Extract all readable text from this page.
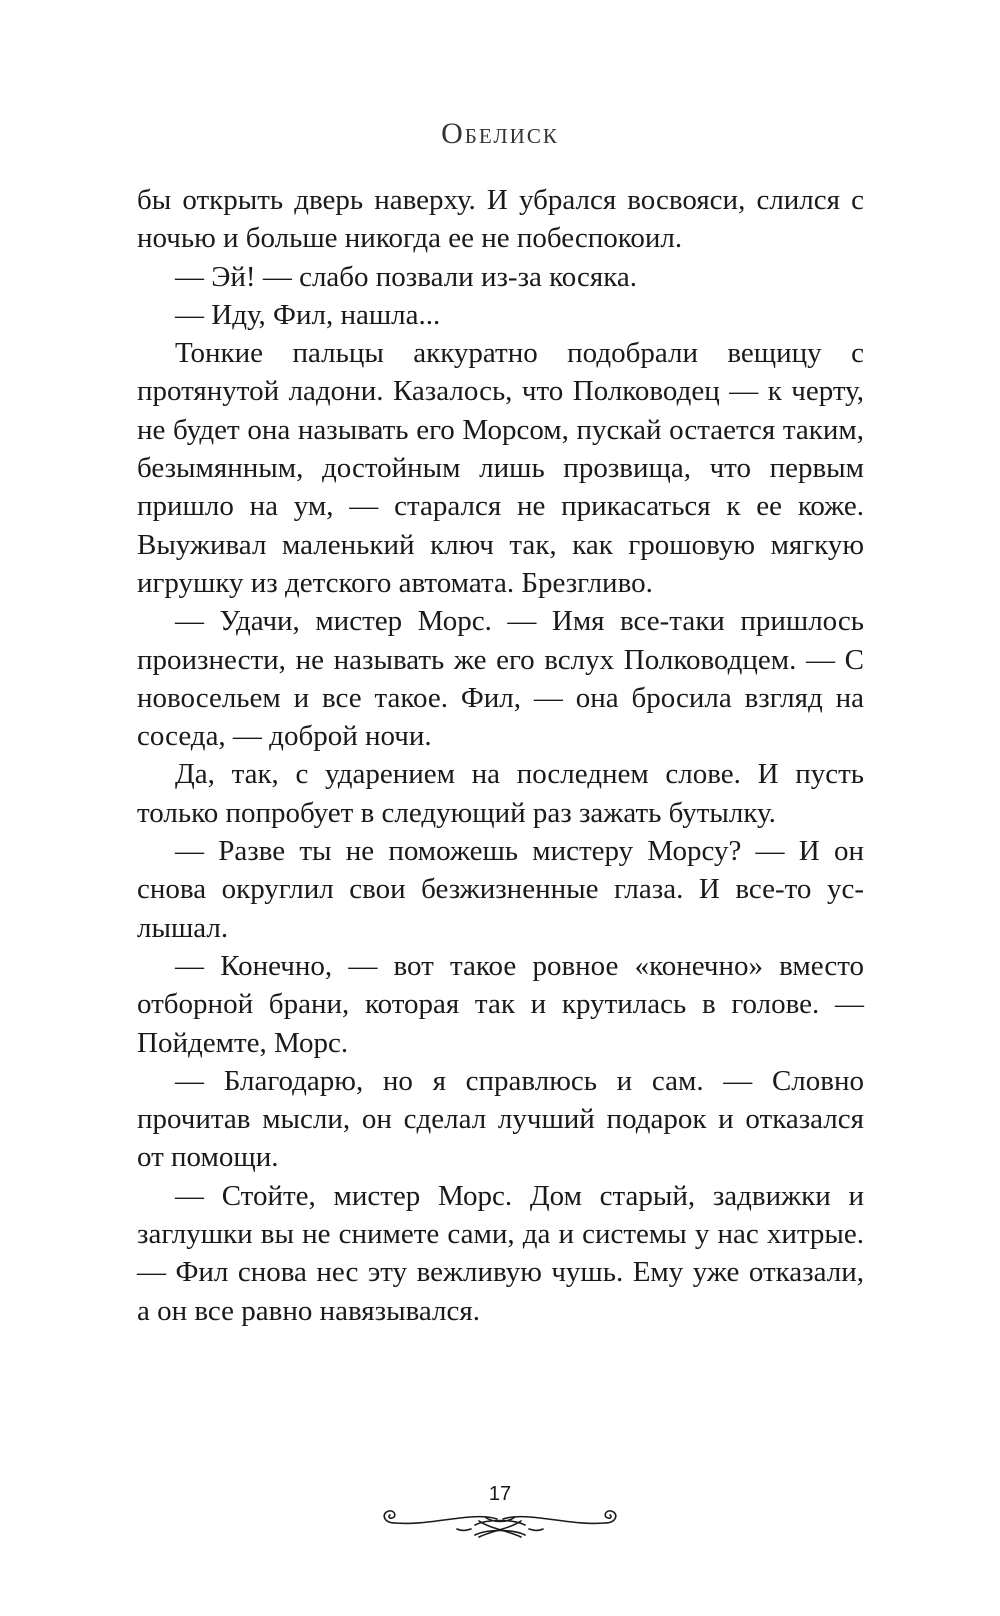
Обелиск

бы открыть дверь наверху. И убрался восвояси, слился с ночью и больше никогда ее не побеспокоил.

— Эй! — слабо позвали из-за косяка.

— Иду, Фил, нашла...

Тонкие пальцы аккуратно подобрали вещицу с протянутой ладони. Казалось, что Полководец — к черту, не будет она называть его Морсом, пускай остается таким, безымянным, достойным лишь прозвища, что первым пришло на ум, — старался не прикасаться к ее коже. Выуживал маленький ключ так, как грошовую мягкую игрушку из детского автомата. Брезгливо.

— Удачи, мистер Морс. — Имя все-таки пришлось произнести, не называть же его вслух Полководцем. — С новосельем и все такое. Фил, — она бросила взгляд на соседа, — доброй ночи.

Да, так, с ударением на последнем слове. И пусть только попробует в следующий раз зажать бутылку.

— Разве ты не поможешь мистеру Морсу? — И он снова округлил свои безжизненные глаза. И все-то услышал.

— Конечно, — вот такое ровное «конечно» вместо отборной брани, которая так и крутилась в голове. — Пойдемте, Морс.

— Благодарю, но я справлюсь и сам. — Словно прочитав мысли, он сделал лучший подарок и отказался от помощи.

— Стойте, мистер Морс. Дом старый, задвижки и заглушки вы не снимете сами, да и системы у нас хитрые. — Фил снова нес эту вежливую чушь. Ему уже отказали, а он все равно навязывался.

17
